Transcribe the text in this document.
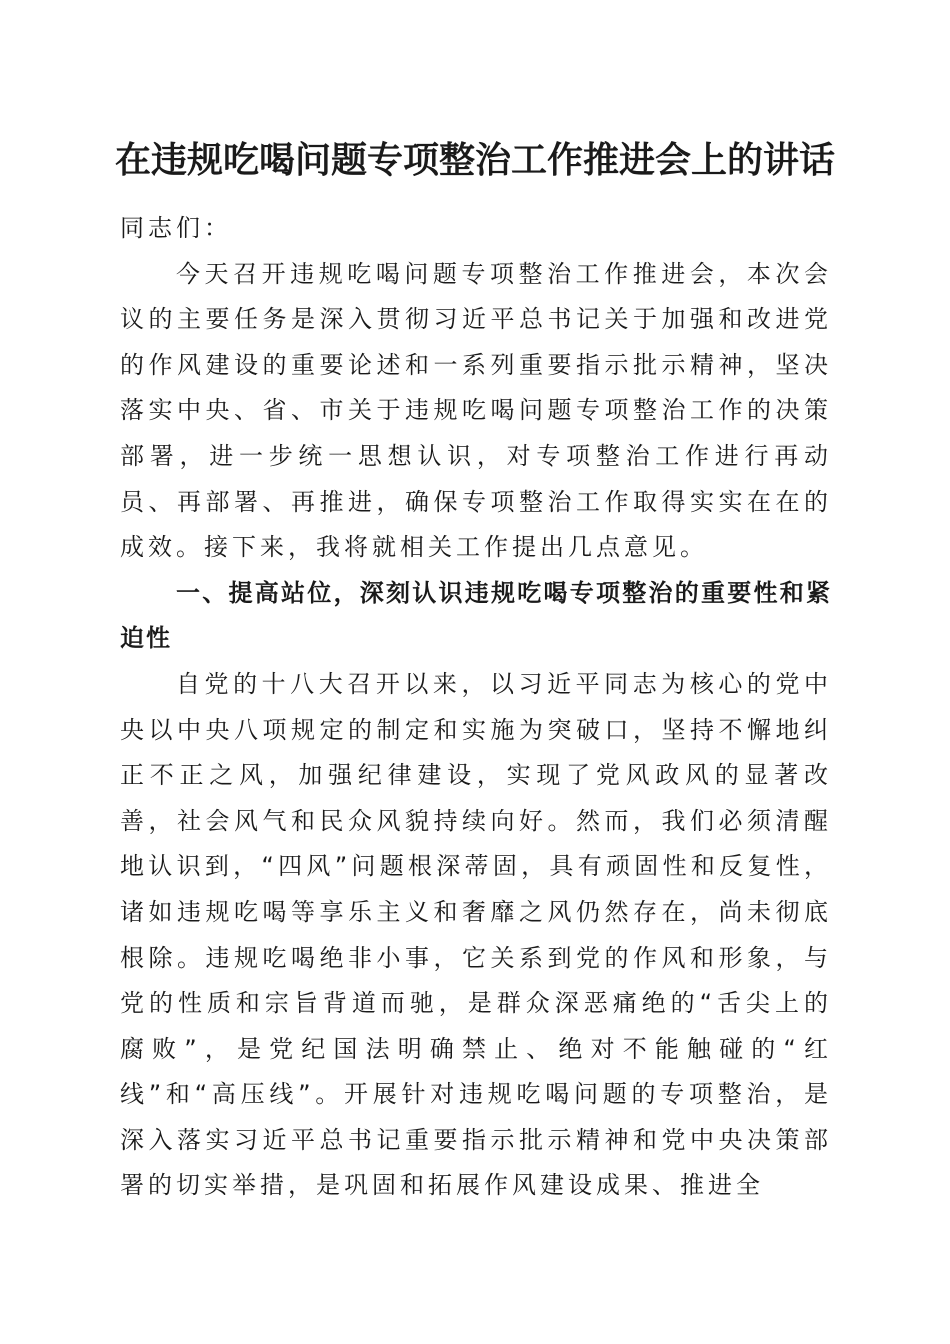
在违规吃喝问题专项整治工作推进会上的讲话

同志们：

今天召开违规吃喝问题专项整治工作推进会，本次会议的主要任务是深入贯彻习近平总书记关于加强和改进党的作风建设的重要论述和一系列重要指示批示精神，坚决落实中央、省、市关于违规吃喝问题专项整治工作的决策部署，进一步统一思想认识，对专项整治工作进行再动员、再部署、再推进，确保专项整治工作取得实实在在的成效。接下来，我将就相关工作提出几点意见。

一、提高站位，深刻认识违规吃喝专项整治的重要性和紧迫性

自党的十八大召开以来，以习近平同志为核心的党中央以中央八项规定的制定和实施为突破口，坚持不懈地纠正不正之风，加强纪律建设，实现了党风政风的显著改善，社会风气和民众风貌持续向好。然而，我们必须清醒地认识到，“四风”问题根深蒂固，具有顽固性和反复性，诸如违规吃喝等享乐主义和奢靡之风仍然存在，尚未彻底根除。违规吃喝绝非小事，它关系到党的作风和形象，与党的性质和宗旨背道而驰，是群众深恶痛绝的“舌尖上的腐败”，是党纪国法明确禁止、绝对不能触碰的“红线”和“高压线”。开展针对违规吃喝问题的专项整治，是深入落实习近平总书记重要指示批示精神和党中央决策部署的切实举措，是巩固和拓展作风建设成果、推进全
